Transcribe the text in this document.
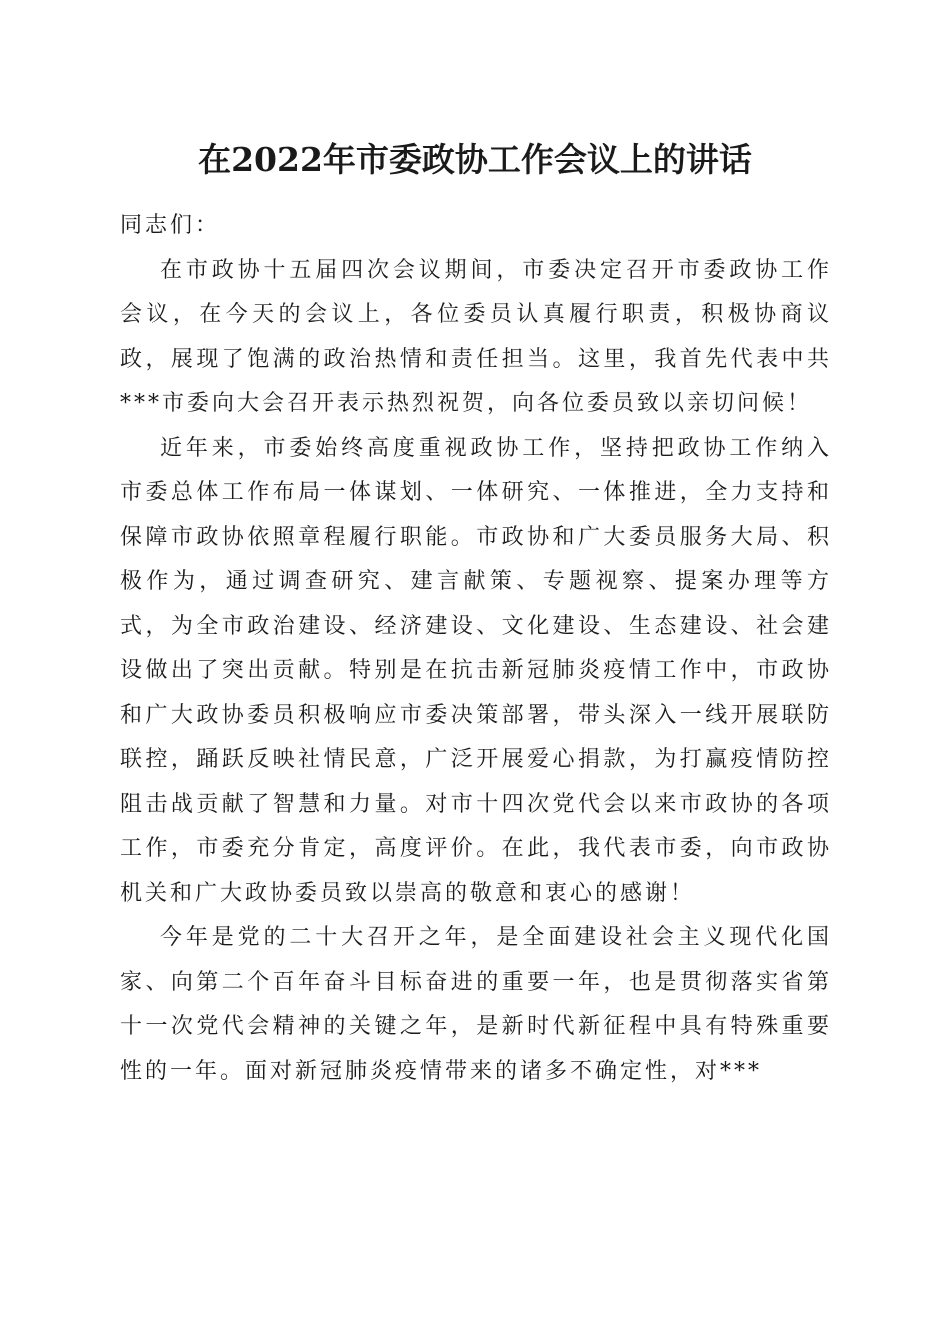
在2022年市委政协工作会议上的讲话

同志们：

在市政协十五届四次会议期间，市委决定召开市委政协工作会议，在今天的会议上，各位委员认真履行职责，积极协商议政，展现了饱满的政治热情和责任担当。这里，我首先代表中共***市委向大会召开表示热烈祝贺，向各位委员致以亲切问候！

近年来，市委始终高度重视政协工作，坚持把政协工作纳入市委总体工作布局一体谋划、一体研究、一体推进，全力支持和保障市政协依照章程履行职能。市政协和广大委员服务大局、积极作为，通过调查研究、建言献策、专题视察、提案办理等方式，为全市政治建设、经济建设、文化建设、生态建设、社会建设做出了突出贡献。特别是在抗击新冠肺炎疫情工作中，市政协和广大政协委员积极响应市委决策部署，带头深入一线开展联防联控，踊跃反映社情民意，广泛开展爱心捐款，为打赢疫情防控阻击战贡献了智慧和力量。对市十四次党代会以来市政协的各项工作，市委充分肯定，高度评价。在此，我代表市委，向市政协机关和广大政协委员致以崇高的敬意和衷心的感谢！

今年是党的二十大召开之年，是全面建设社会主义现代化国家、向第二个百年奋斗目标奋进的重要一年，也是贯彻落实省第十一次党代会精神的关键之年，是新时代新征程中具有特殊重要性的一年。面对新冠肺炎疫情带来的诸多不确定性，对***
